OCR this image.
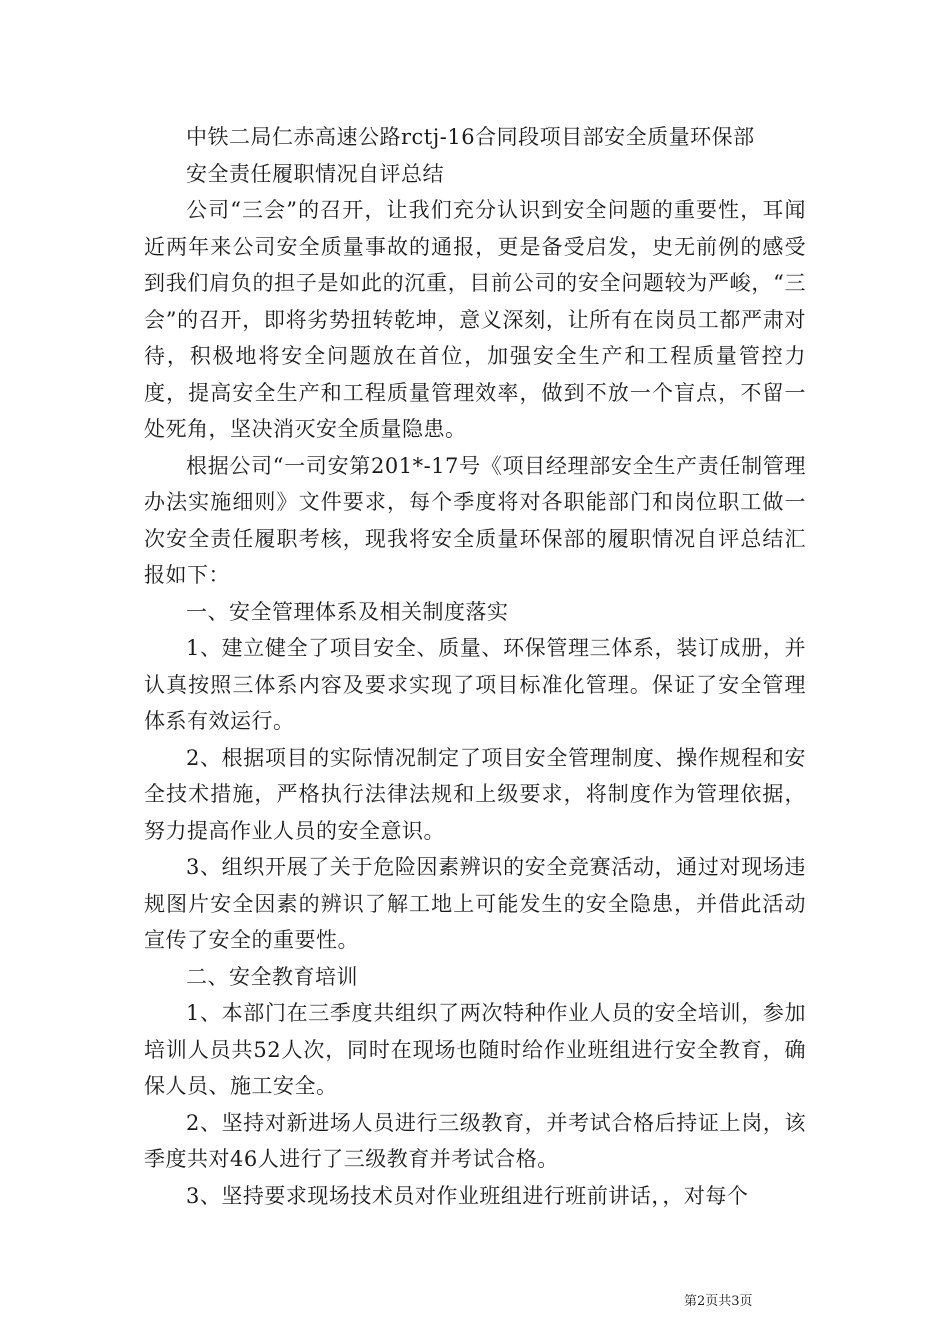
中铁二局仁赤高速公路rctj-16合同段项目部安全质量环保部

安全责任履职情况自评总结

公司“三会”的召开，让我们充分认识到安全问题的重要性，耳闻近两年来公司安全质量事故的通报，更是备受启发，史无前例的感受到我们肩负的担子是如此的沉重，目前公司的安全问题较为严峻，“三会”的召开，即将劣势扭转乾坤，意义深刻，让所有在岗员工都严肃对待，积极地将安全问题放在首位，加强安全生产和工程质量管控力度，提高安全生产和工程质量管理效率，做到不放一个盲点，不留一处死角，坚决消灭安全质量隐患。

根据公司“一司安第201*-17号《项目经理部安全生产责任制管理办法实施细则》文件要求，每个季度将对各职能部门和岗位职工做一次安全责任履职考核，现我将安全质量环保部的履职情况自评总结汇报如下：

一、安全管理体系及相关制度落实

1、建立健全了项目安全、质量、环保管理三体系，装订成册，并认真按照三体系内容及要求实现了项目标准化管理。保证了安全管理体系有效运行。

2、根据项目的实际情况制定了项目安全管理制度、操作规程和安全技术措施，严格执行法律法规和上级要求，将制度作为管理依据，努力提高作业人员的安全意识。

3、组织开展了关于危险因素辨识的安全竞赛活动，通过对现场违规图片安全因素的辨识了解工地上可能发生的安全隐患，并借此活动宣传了安全的重要性。

二、安全教育培训

1、本部门在三季度共组织了两次特种作业人员的安全培训，参加培训人员共52人次，同时在现场也随时给作业班组进行安全教育，确保人员、施工安全。

2、坚持对新进场人员进行三级教育，并考试合格后持证上岗，该季度共对46人进行了三级教育并考试合格。

3、坚持要求现场技术员对作业班组进行班前讲话，，对每个

第2页共3页
